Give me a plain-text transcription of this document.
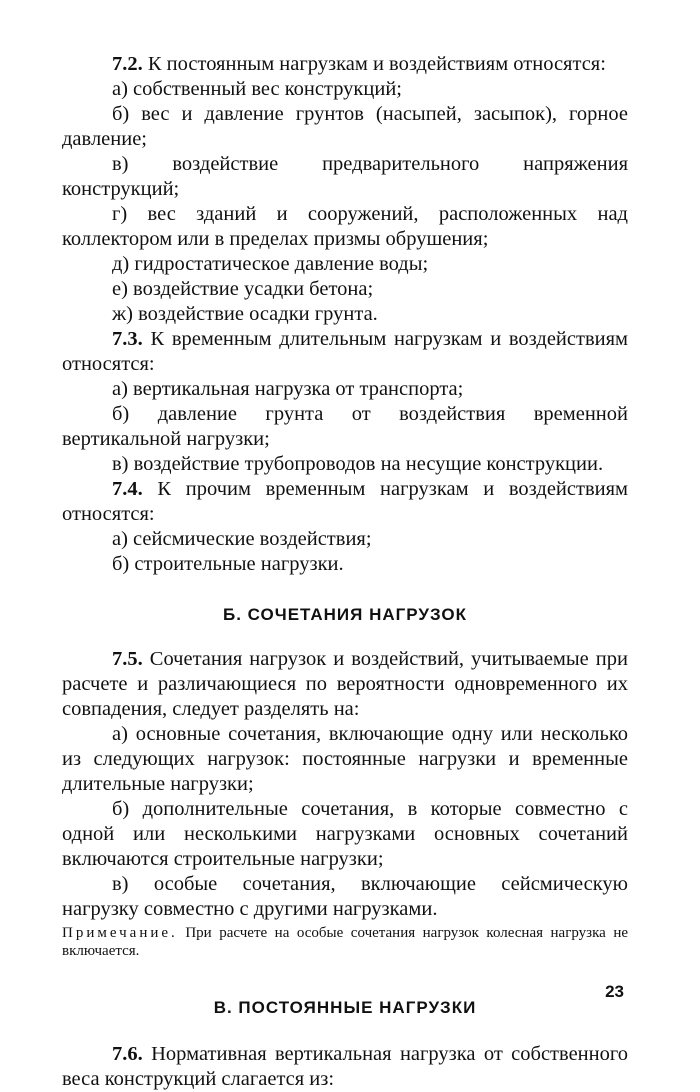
7.2. К постоянным нагрузкам и воздействиям относятся:

а) собственный вес конструкций;

б) вес и давление грунтов (насыпей, засыпок), горное давление;

в) воздействие предварительного напряжения конструкций;

г) вес зданий и сооружений, расположенных над коллектором или в пределах призмы обрушения;

д) гидростатическое давление воды;

е) воздействие усадки бетона;

ж) воздействие осадки грунта.

7.3. К временным длительным нагрузкам и воздействиям относятся:

а) вертикальная нагрузка от транспорта;

б) давление грунта от воздействия временной вертикальной нагрузки;

в) воздействие трубопроводов на несущие конструкции.

7.4. К прочим временным нагрузкам и воздействиям относятся:

а) сейсмические воздействия;

б) строительные нагрузки.

Б. СОЧЕТАНИЯ НАГРУЗОК

7.5. Сочетания нагрузок и воздействий, учитываемые при расчете и различающиеся по вероятности одновременного их совпадения, следует разделять на:

а) основные сочетания, включающие одну или несколько из следующих нагрузок: постоянные нагрузки и временные длительные нагрузки;

б) дополнительные сочетания, в которые совместно с одной или несколькими нагрузками основных сочетаний включаются строительные нагрузки;

в) особые сочетания, включающие сейсмическую нагрузку совместно с другими нагрузками.

Примечание. При расчете на особые сочетания нагрузок колесная нагрузка не включается.

В. ПОСТОЯННЫЕ НАГРУЗКИ

7.6. Нормативная вертикальная нагрузка от собственного веса конструкций слагается из:

23
